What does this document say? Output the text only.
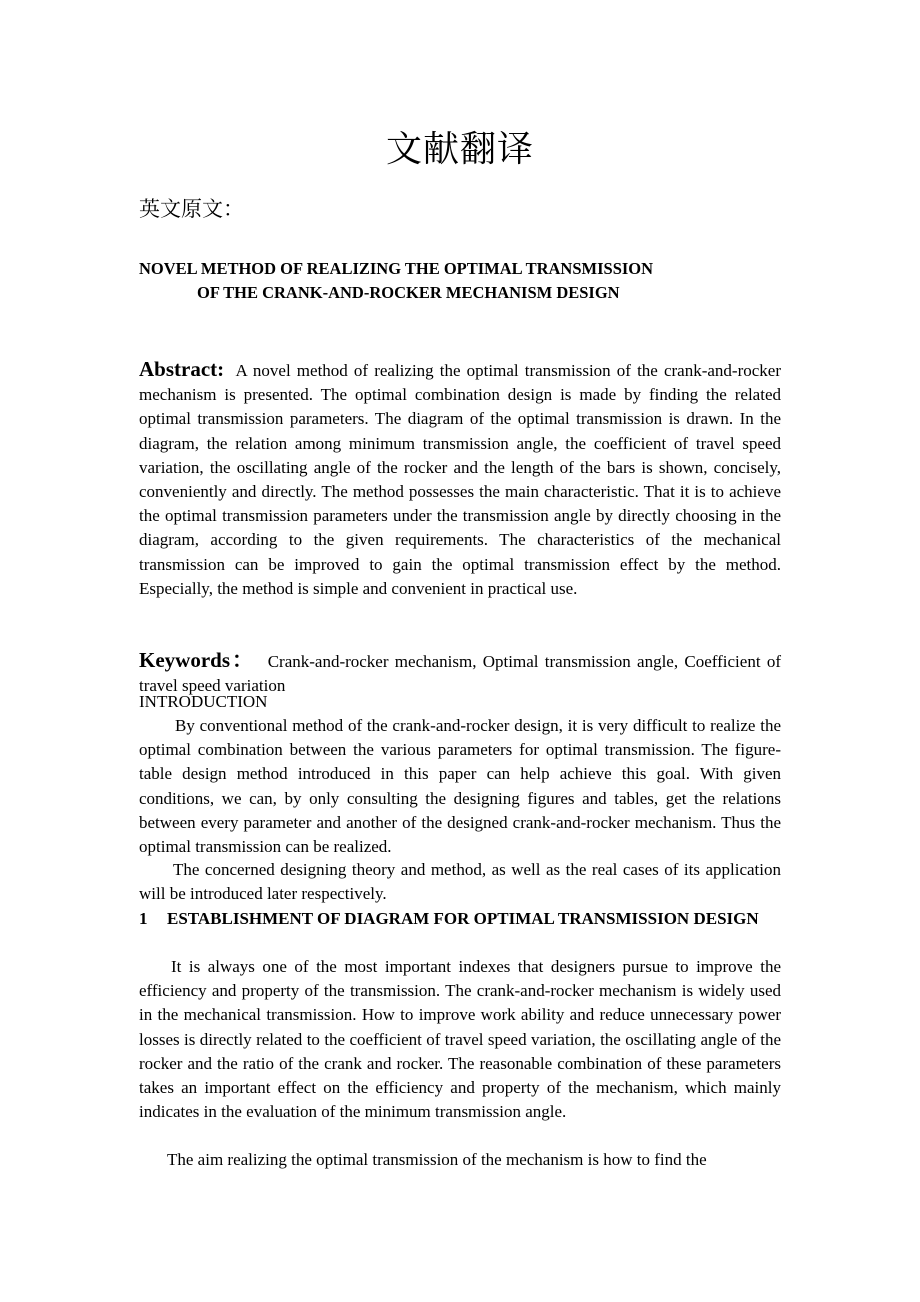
文献翻译
英文原文：
NOVEL METHOD OF REALIZING THE OPTIMAL TRANSMISSION
OF THE CRANK-AND-ROCKER MECHANISM DESIGN
Abstract: A novel method of realizing the optimal transmission of the crank-and-rocker mechanism is presented. The optimal combination design is made by finding the related optimal transmission parameters. The diagram of the optimal transmission is drawn. In the diagram, the relation among minimum transmission angle, the coefficient of travel speed variation, the oscillating angle of the rocker and the length of the bars is shown, concisely, conveniently and directly. The method possesses the main characteristic. That it is to achieve the optimal transmission parameters under the transmission angle by directly choosing in the diagram, according to the given requirements. The characteristics of the mechanical transmission can be improved to gain the optimal transmission effect by the method. Especially, the method is simple and convenient in practical use.
Keywords： Crank-and-rocker mechanism, Optimal transmission angle, Coefficient of travel speed variation
INTRODUCTION
By conventional method of the crank-and-rocker design, it is very difficult to realize the optimal combination between the various parameters for optimal transmission. The figure-table design method introduced in this paper can help achieve this goal. With given conditions, we can, by only consulting the designing figures and tables, get the relations between every parameter and another of the designed crank-and-rocker mechanism. Thus the optimal transmission can be realized.
The concerned designing theory and method, as well as the real cases of its application will be introduced later respectively.
1 ESTABLISHMENT OF DIAGRAM FOR OPTIMAL TRANSMISSION DESIGN
It is always one of the most important indexes that designers pursue to improve the efficiency and property of the transmission. The crank-and-rocker mechanism is widely used in the mechanical transmission. How to improve work ability and reduce unnecessary power losses is directly related to the coefficient of travel speed variation, the oscillating angle of the rocker and the ratio of the crank and rocker. The reasonable combination of these parameters takes an important effect on the efficiency and property of the mechanism, which mainly indicates in the evaluation of the minimum transmission angle.
The aim realizing the optimal transmission of the mechanism is how to find the
